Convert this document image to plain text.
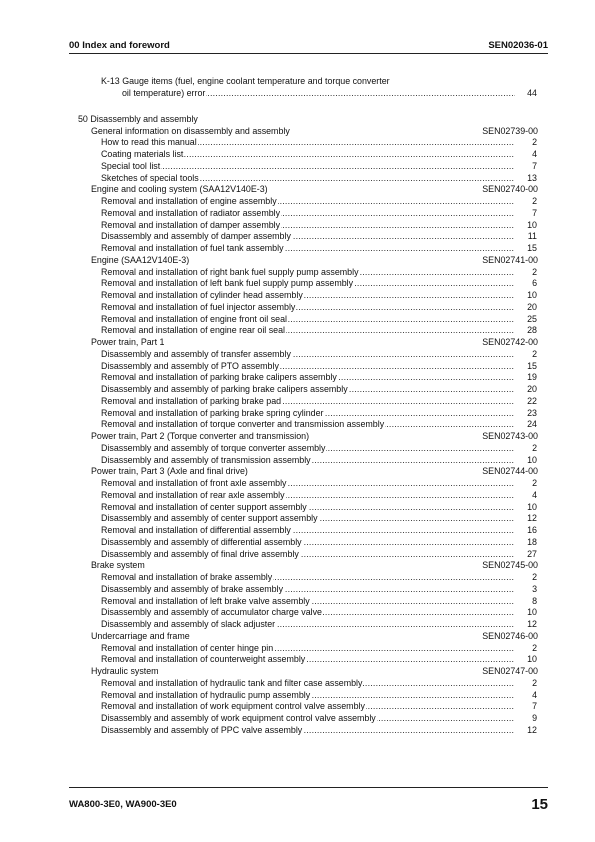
00 Index and foreword	SEN02036-01
K-13 Gauge items (fuel, engine coolant temperature and torque converter
oil temperature) error .....	44
50 Disassembly and assembly
General information on disassembly and assembly	SEN02739-00
How to read this manual .....	2
Coating materials list .....	4
Special tool list .....	7
Sketches of special tools .....	13
Engine and cooling system (SAA12V140E-3)	SEN02740-00
Removal and installation of engine assembly .....	2
Removal and installation of radiator assembly .....	7
Removal and installation of damper assembly .....	10
Disassembly and assembly of damper assembly .....	11
Removal and installation of fuel tank assembly .....	15
Engine (SAA12V140E-3)	SEN02741-00
Removal and installation of right bank fuel supply pump assembly .....	2
Removal and installation of left bank fuel supply pump assembly .....	6
Removal and installation of cylinder head assembly .....	10
Removal and installation of fuel injector assembly .....	20
Removal and installation of engine front oil seal .....	25
Removal and installation of engine rear oil seal .....	28
Power train, Part 1	SEN02742-00
Disassembly and assembly of transfer assembly .....	2
Disassembly and assembly of PTO assembly .....	15
Removal and installation of parking brake calipers assembly .....	19
Disassembly and assembly of parking brake calipers assembly .....	20
Removal and installation of parking brake pad .....	22
Removal and installation of parking brake spring cylinder .....	23
Removal and installation of torque converter and transmission assembly .....	24
Power train, Part 2 (Torque converter and transmission)	SEN02743-00
Disassembly and assembly of torque converter assembly .....	2
Disassembly and assembly of transmission assembly .....	10
Power train, Part 3 (Axle and final drive)	SEN02744-00
Removal and installation of front axle assembly .....	2
Removal and installation of rear axle assembly .....	4
Removal and installation of center support assembly .....	10
Disassembly and assembly of center support assembly .....	12
Removal and installation of differential assembly .....	16
Disassembly and assembly of differential assembly .....	18
Disassembly and assembly of final drive assembly .....	27
Brake system	SEN02745-00
Removal and installation of brake assembly .....	2
Disassembly and assembly of brake assembly .....	3
Removal and installation of left brake valve assembly .....	8
Disassembly and assembly of accumulator charge valve .....	10
Disassembly and assembly of slack adjuster .....	12
Undercarriage and frame	SEN02746-00
Removal and installation of center hinge pin .....	2
Removal and installation of counterweight assembly .....	10
Hydraulic system	SEN02747-00
Removal and installation of hydraulic tank and filter case assembly .....	2
Removal and installation of hydraulic pump assembly .....	4
Removal and installation of work equipment control valve assembly .....	7
Disassembly and assembly of work equipment control valve assembly .....	9
Disassembly and assembly of PPC valve assembly .....	12
WA800-3E0, WA900-3E0	15
